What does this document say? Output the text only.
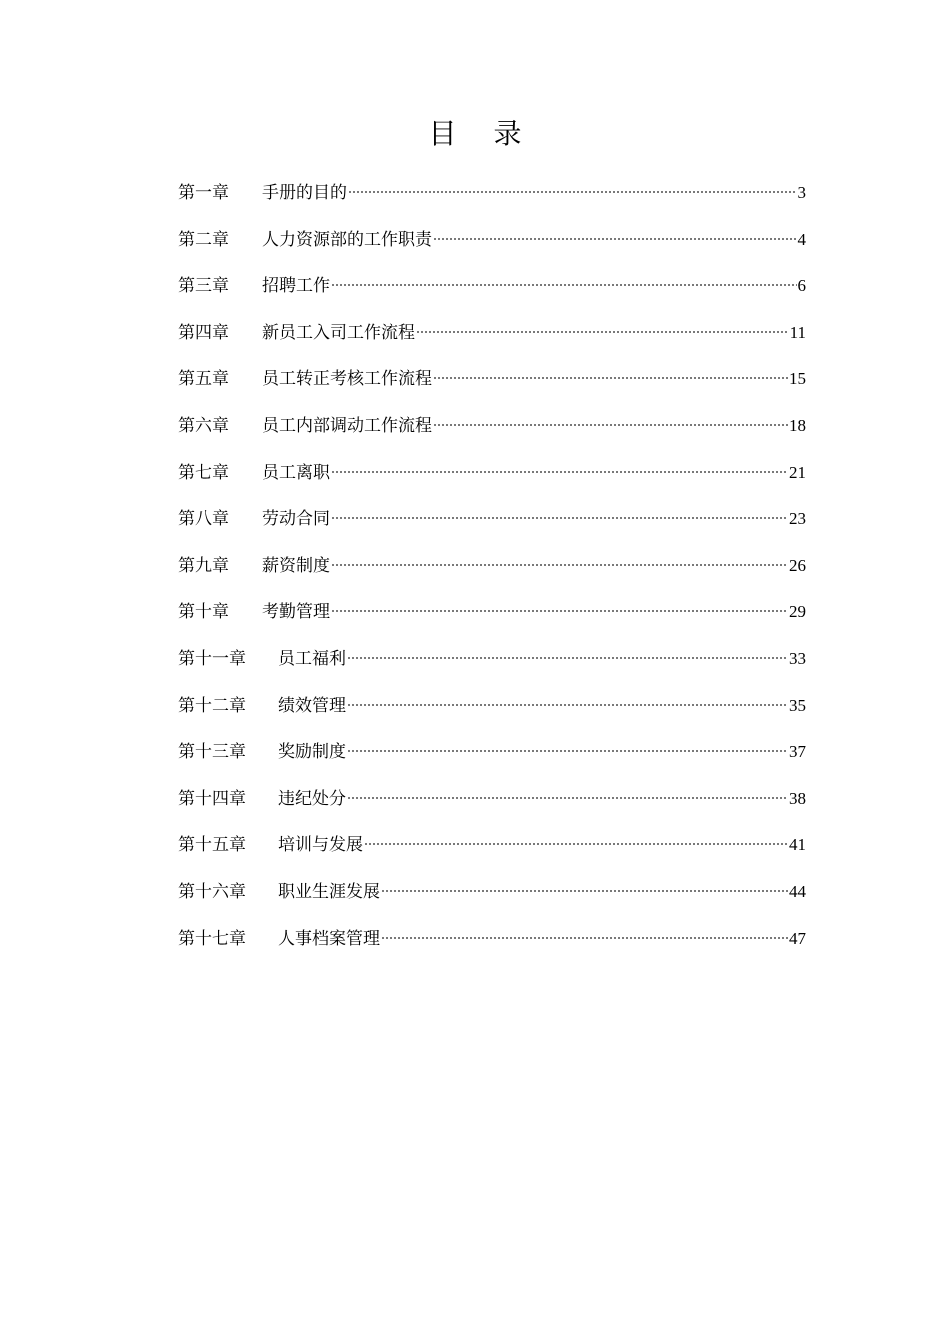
目 录
第一章	手册的目的	3
第二章	人力资源部的工作职责	4
第三章	招聘工作	6
第四章	新员工入司工作流程	11
第五章	员工转正考核工作流程	15
第六章	员工内部调动工作流程	18
第七章	员工离职	21
第八章	劳动合同	23
第九章	薪资制度	26
第十章	考勤管理	29
第十一章	员工福利	33
第十二章	绩效管理	35
第十三章	奖励制度	37
第十四章	违纪处分	38
第十五章	培训与发展	41
第十六章	职业生涯发展	44
第十七章	人事档案管理	47
